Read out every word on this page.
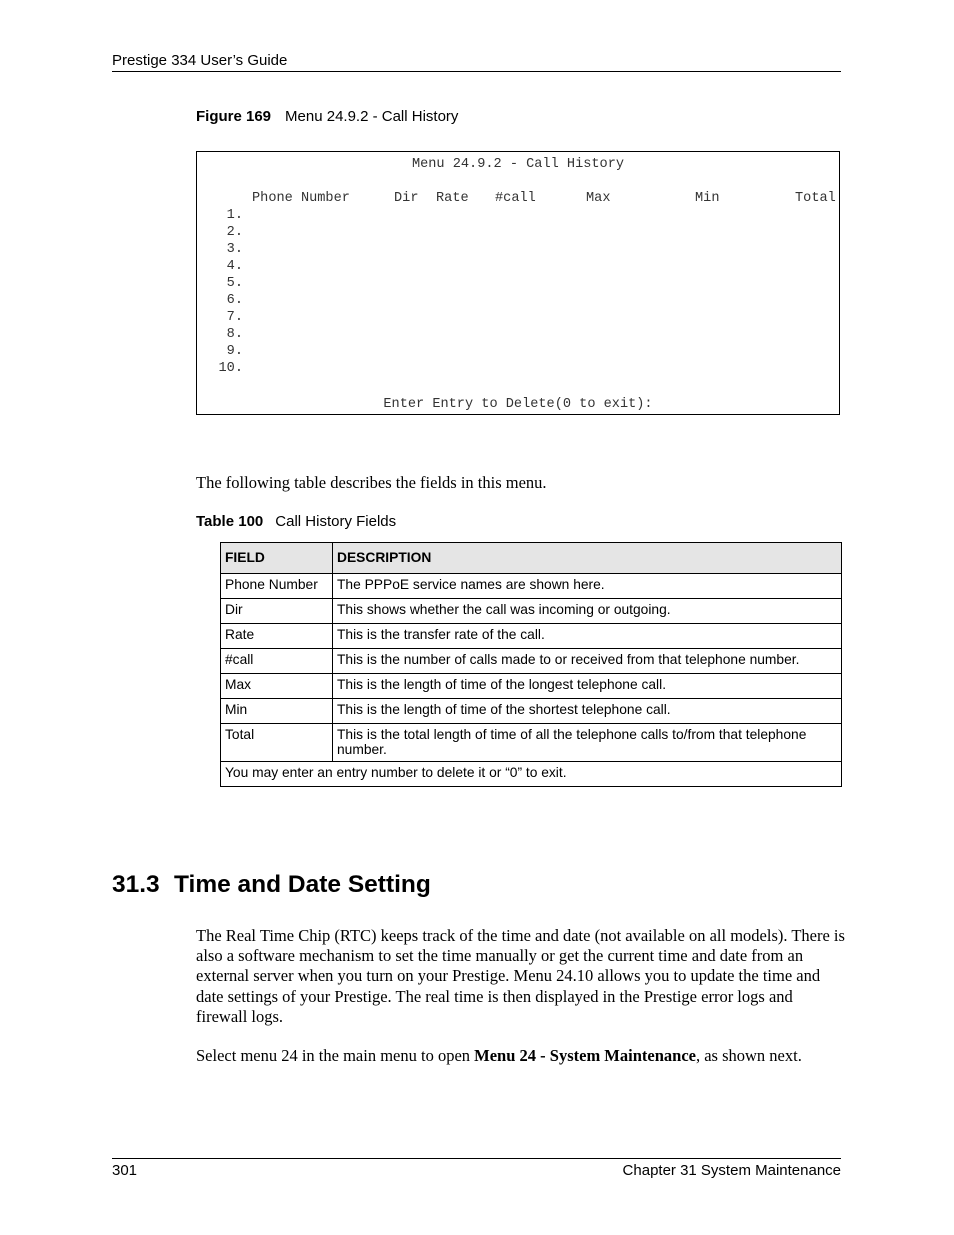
Prestige 334 User’s Guide
Figure 169 Menu 24.9.2 - Call History
Menu 24.9.2 - Call History
Phone Number	Dir Rate #call	Max	Min	Total
1.
2.
3.
4.
5.
6.
7.
8.
9.
10.
Enter Entry to Delete(0 to exit):
The following table describes the fields in this menu.
Table 100 Call History Fields
FIELD	DESCRIPTION
Phone Number	The PPPoE service names are shown here.
Dir	This shows whether the call was incoming or outgoing.
Rate	This is the transfer rate of the call.
#call	This is the number of calls made to or received from that telephone number.
Max	This is the length of time of the longest telephone call.
Min	This is the length of time of the shortest telephone call.
Total	This is the total length of time of all the telephone calls to/from that telephone number.
You may enter an entry number to delete it or “0” to exit.	
31.3 Time and Date Setting
The Real Time Chip (RTC) keeps track of the time and date (not available on all models). There is also a software mechanism to set the time manually or get the current time and date from an external server when you turn on your Prestige. Menu 24.10 allows you to update the time and date settings of your Prestige. The real time is then displayed in the Prestige error logs and firewall logs.
Select menu 24 in the main menu to open Menu 24 - System Maintenance, as shown next.
301	Chapter 31 System Maintenance
